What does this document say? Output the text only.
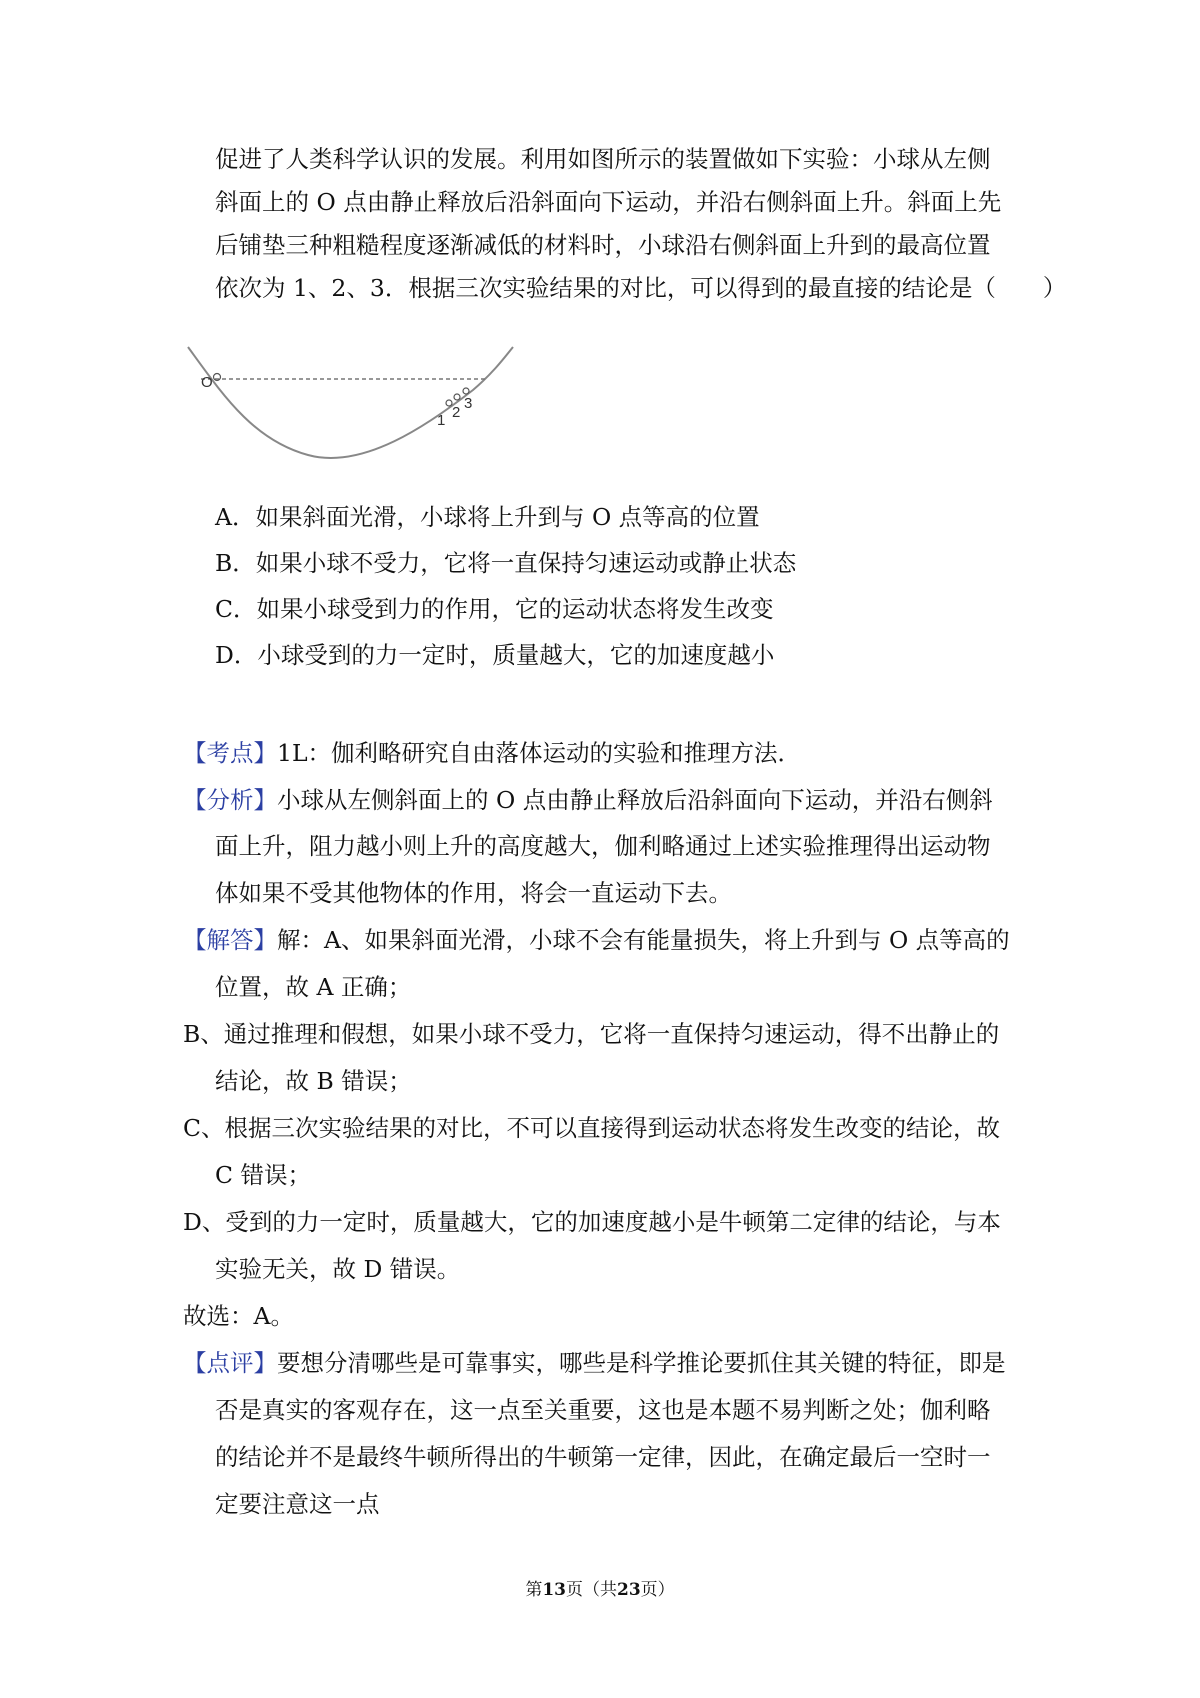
促进了人类科学认识的发展。利用如图所示的装置做如下实验：小球从左侧
斜面上的 O 点由静止释放后沿斜面向下运动，并沿右侧斜面上升。斜面上先
后铺垫三种粗糙程度逐渐减低的材料时，小球沿右侧斜面上升到的最高位置
依次为 1、2、3．根据三次实验结果的对比，可以得到的最直接的结论是（　　）
O
1 2
3
A．如果斜面光滑，小球将上升到与 O 点等高的位置
B．如果小球不受力，它将一直保持匀速运动或静止状态
C．如果小球受到力的作用，它的运动状态将发生改变
D．小球受到的力一定时，质量越大，它的加速度越小
【考点】1L：伽利略研究自由落体运动的实验和推理方法．
【分析】小球从左侧斜面上的 O 点由静止释放后沿斜面向下运动，并沿右侧斜
面上升，阻力越小则上升的高度越大，伽利略通过上述实验推理得出运动物
体如果不受其他物体的作用，将会一直运动下去。
【解答】解：A、如果斜面光滑，小球不会有能量损失，将上升到与 O 点等高的
位置，故 A 正确；
B、通过推理和假想，如果小球不受力，它将一直保持匀速运动，得不出静止的
结论，故 B 错误；
C、根据三次实验结果的对比，不可以直接得到运动状态将发生改变的结论，故
C 错误；
D、受到的力一定时，质量越大，它的加速度越小是牛顿第二定律的结论，与本
实验无关，故 D 错误。
故选：A。
【点评】要想分清哪些是可靠事实，哪些是科学推论要抓住其关键的特征，即是
否是真实的客观存在，这一点至关重要，这也是本题不易判断之处；伽利略
的结论并不是最终牛顿所得出的牛顿第一定律，因此，在确定最后一空时一
定要注意这一点
第13页（共23页）
